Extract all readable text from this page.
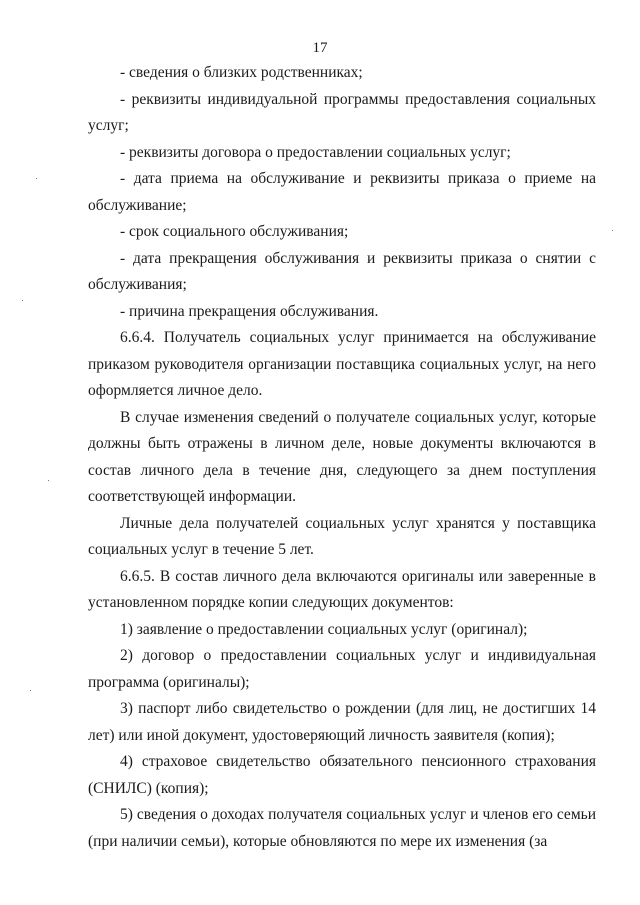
17

- сведения о близких родственниках;

- реквизиты индивидуальной программы предоставления социальных услуг;

- реквизиты договора о предоставлении социальных услуг;

- дата приема на обслуживание и реквизиты приказа о приеме на обслуживание;

- срок социального обслуживания;

- дата прекращения обслуживания и реквизиты приказа о снятии с обслуживания;

- причина прекращения обслуживания.

6.6.4. Получатель социальных услуг принимается на обслуживание приказом руководителя организации поставщика социальных услуг, на него оформляется личное дело.

В случае изменения сведений о получателе социальных услуг, которые должны быть отражены в личном деле, новые документы включаются в состав личного дела в течение дня, следующего за днем поступления соответствующей информации.

Личные дела получателей социальных услуг хранятся у поставщика социальных услуг в течение 5 лет.

6.6.5. В состав личного дела включаются оригиналы или заверенные в установленном порядке копии следующих документов:

1) заявление о предоставлении социальных услуг (оригинал);

2) договор о предоставлении социальных услуг и индивидуальная программа (оригиналы);

3) паспорт либо свидетельство о рождении (для лиц, не достигших 14 лет) или иной документ, удостоверяющий личность заявителя (копия);

4) страховое свидетельство обязательного пенсионного страхования (СНИЛС) (копия);

5) сведения о доходах получателя социальных услуг и членов его семьи (при наличии семьи), которые обновляются по мере их изменения (за
